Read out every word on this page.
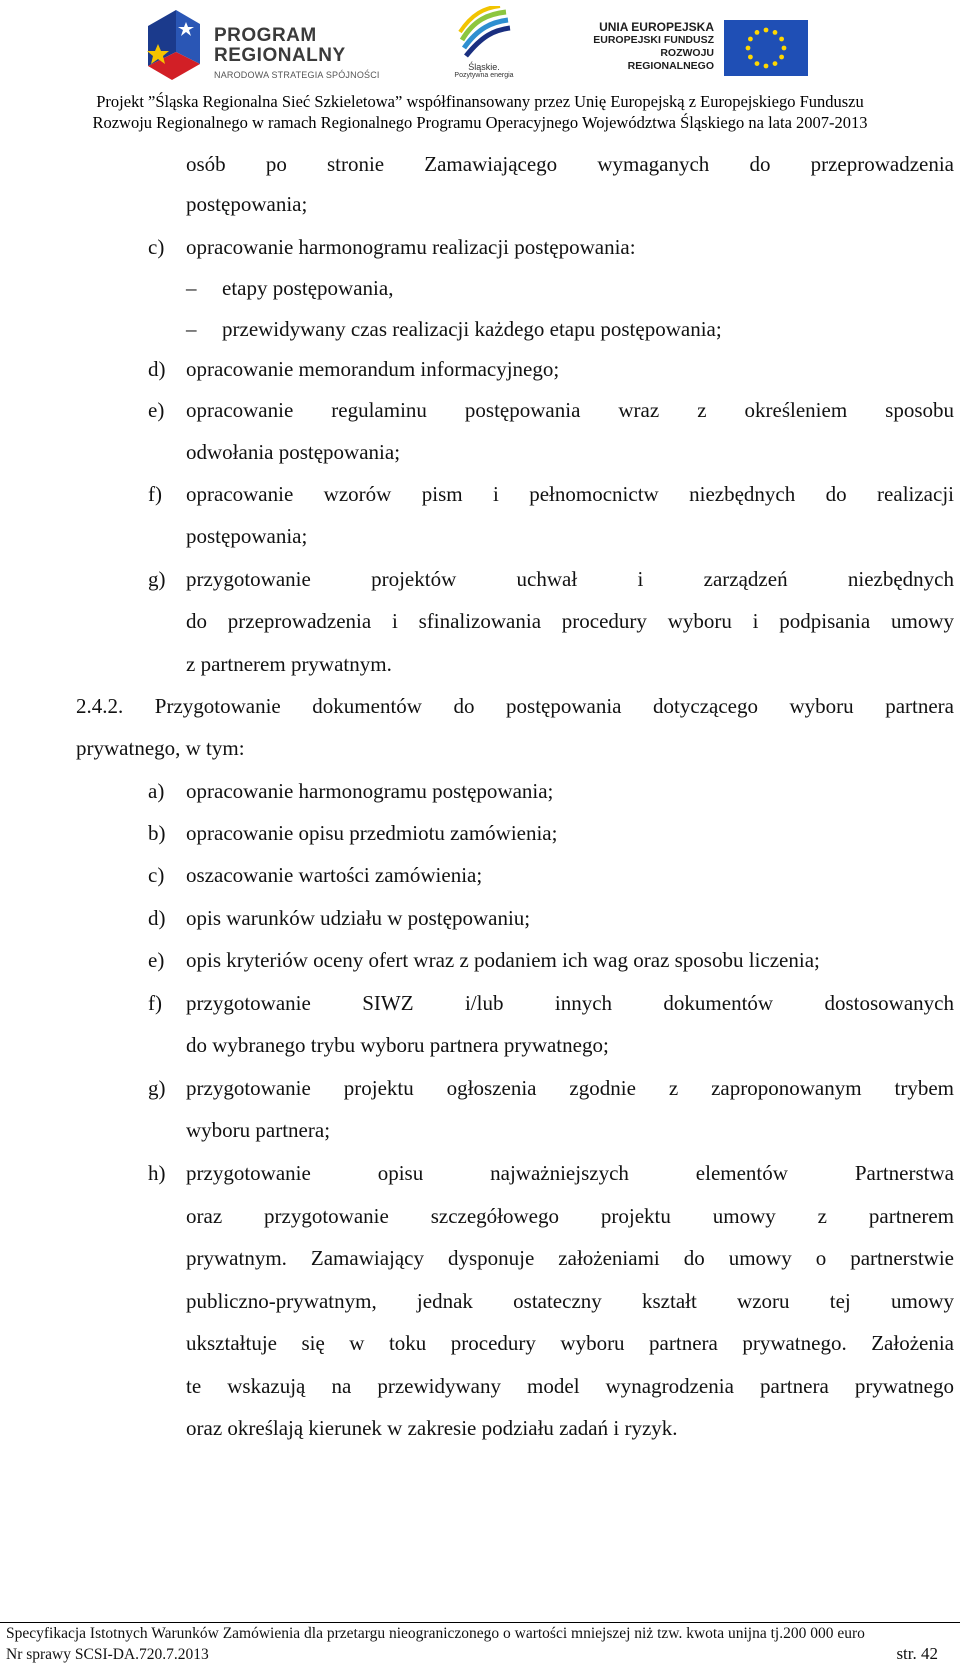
PROGRAM
REGIONALNY
NARODOWA STRATEGIA SPÓJNOŚCI
Śląskie.
Pozytywna energia
UNIA EUROPEJSKA
EUROPEJSKI FUNDUSZ
ROZWOJU REGIONALNEGO
Projekt ”Śląska Regionalna Sieć Szkieletowa” współfinansowany przez Unię Europejską z Europejskiego Funduszu
Rozwoju Regionalnego w ramach Regionalnego Programu Operacyjnego Województwa Śląskiego na lata 2007-2013
osób po stronie Zamawiającego wymaganych do przeprowadzenia
postępowania;
c) opracowanie harmonogramu realizacji postępowania:
– etapy postępowania,
– przewidywany czas realizacji każdego etapu postępowania;
d) opracowanie memorandum informacyjnego;
e) opracowanie regulaminu postępowania wraz z określeniem sposobu
odwołania postępowania;
f) opracowanie wzorów pism i pełnomocnictw niezbędnych do realizacji
postępowania;
g) przygotowanie projektów uchwał i zarządzeń niezbędnych
do przeprowadzenia i sfinalizowania procedury wyboru i podpisania umowy
z partnerem prywatnym.
2.4.2. Przygotowanie dokumentów do postępowania dotyczącego wyboru partnera
prywatnego, w tym:
a) opracowanie harmonogramu postępowania;
b) opracowanie opisu przedmiotu zamówienia;
c) oszacowanie wartości zamówienia;
d) opis warunków udziału w postępowaniu;
e) opis kryteriów oceny ofert wraz z podaniem ich wag oraz sposobu liczenia;
f) przygotowanie SIWZ i/lub innych dokumentów dostosowanych
do wybranego trybu wyboru partnera prywatnego;
g) przygotowanie projektu ogłoszenia zgodnie z zaproponowanym trybem
wyboru partnera;
h) przygotowanie opisu najważniejszych elementów Partnerstwa
oraz przygotowanie szczegółowego projektu umowy z partnerem
prywatnym. Zamawiający dysponuje założeniami do umowy o partnerstwie
publiczno-prywatnym, jednak ostateczny kształt wzoru tej umowy
ukształtuje się w toku procedury wyboru partnera prywatnego. Założenia
te wskazują na przewidywany model wynagrodzenia partnera prywatnego
oraz określają kierunek w zakresie podziału zadań i ryzyk.
Specyfikacja Istotnych Warunków Zamówienia dla przetargu nieograniczonego o wartości mniejszej niż tzw. kwota unijna tj.200 000 euro
Nr sprawy SCSI-DA.720.7.2013	str. 42
